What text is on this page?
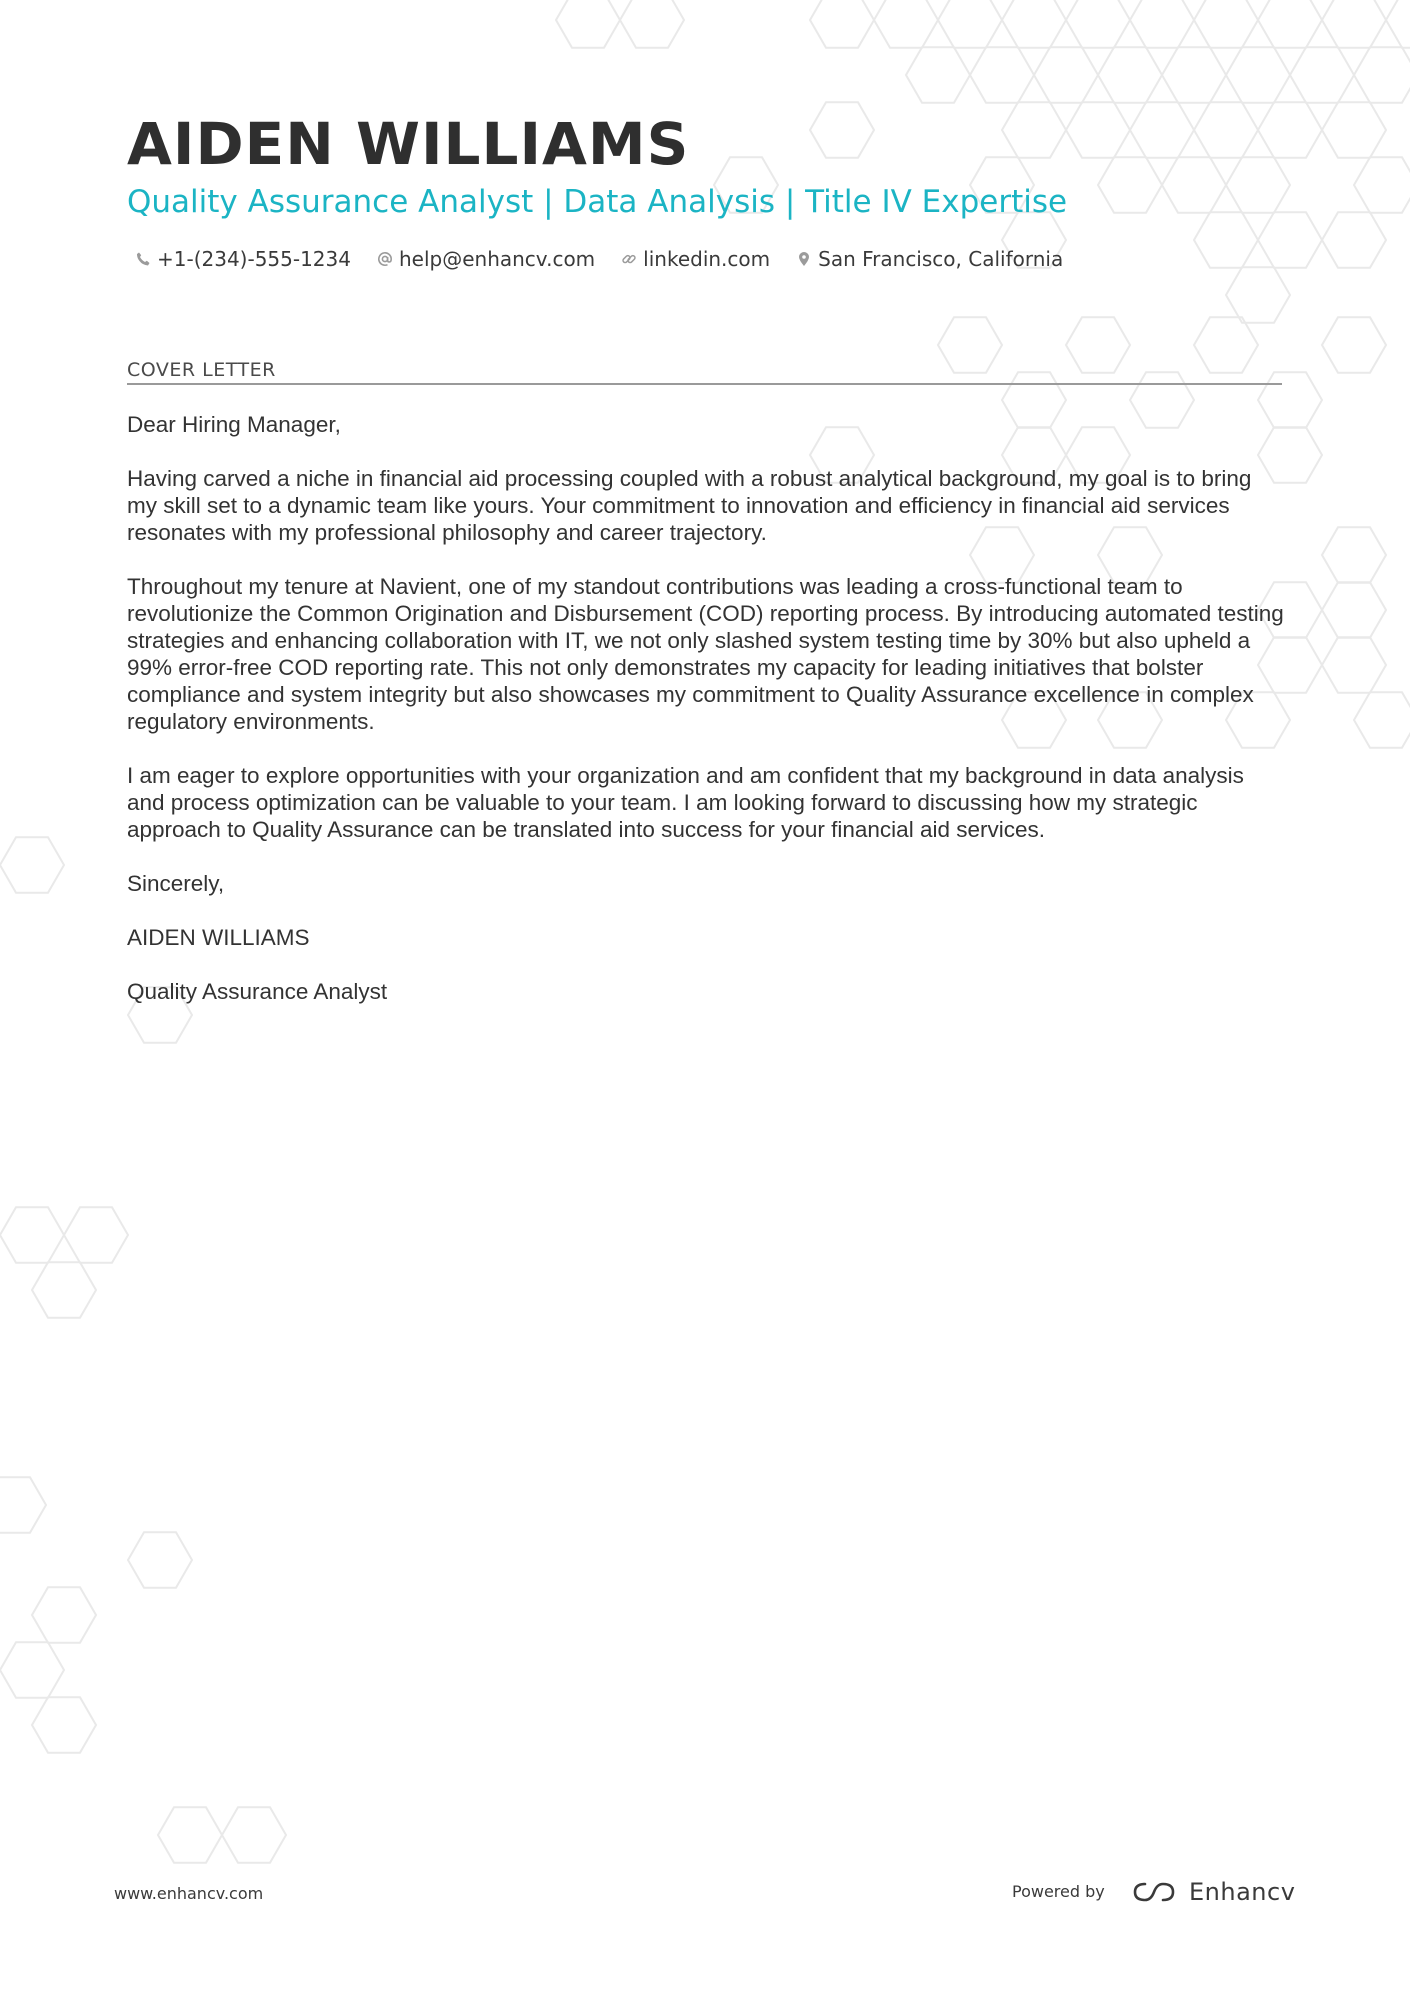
AIDEN WILLIAMS
Quality Assurance Analyst | Data Analysis | Title IV Expertise
+1-(234)-555-1234 help@enhancv.com linkedin.com San Francisco, California
COVER LETTER

Dear Hiring Manager,

Having carved a niche in financial aid processing coupled with a robust analytical background, my goal is to bring my skill set to a dynamic team like yours. Your commitment to innovation and efficiency in financial aid services resonates with my professional philosophy and career trajectory.

Throughout my tenure at Navient, one of my standout contributions was leading a cross-functional team to revolutionize the Common Origination and Disbursement (COD) reporting process. By introducing automated testing strategies and enhancing collaboration with IT, we not only slashed system testing time by 30% but also upheld a 99% error-free COD reporting rate. This not only demonstrates my capacity for leading initiatives that bolster compliance and system integrity but also showcases my commitment to Quality Assurance excellence in complex regulatory environments.

I am eager to explore opportunities with your organization and am confident that my background in data analysis and process optimization can be valuable to your team. I am looking forward to discussing how my strategic approach to Quality Assurance can be translated into success for your financial aid services.

Sincerely,

AIDEN WILLIAMS

Quality Assurance Analyst

www.enhancv.com	Powered by	Enhancv
